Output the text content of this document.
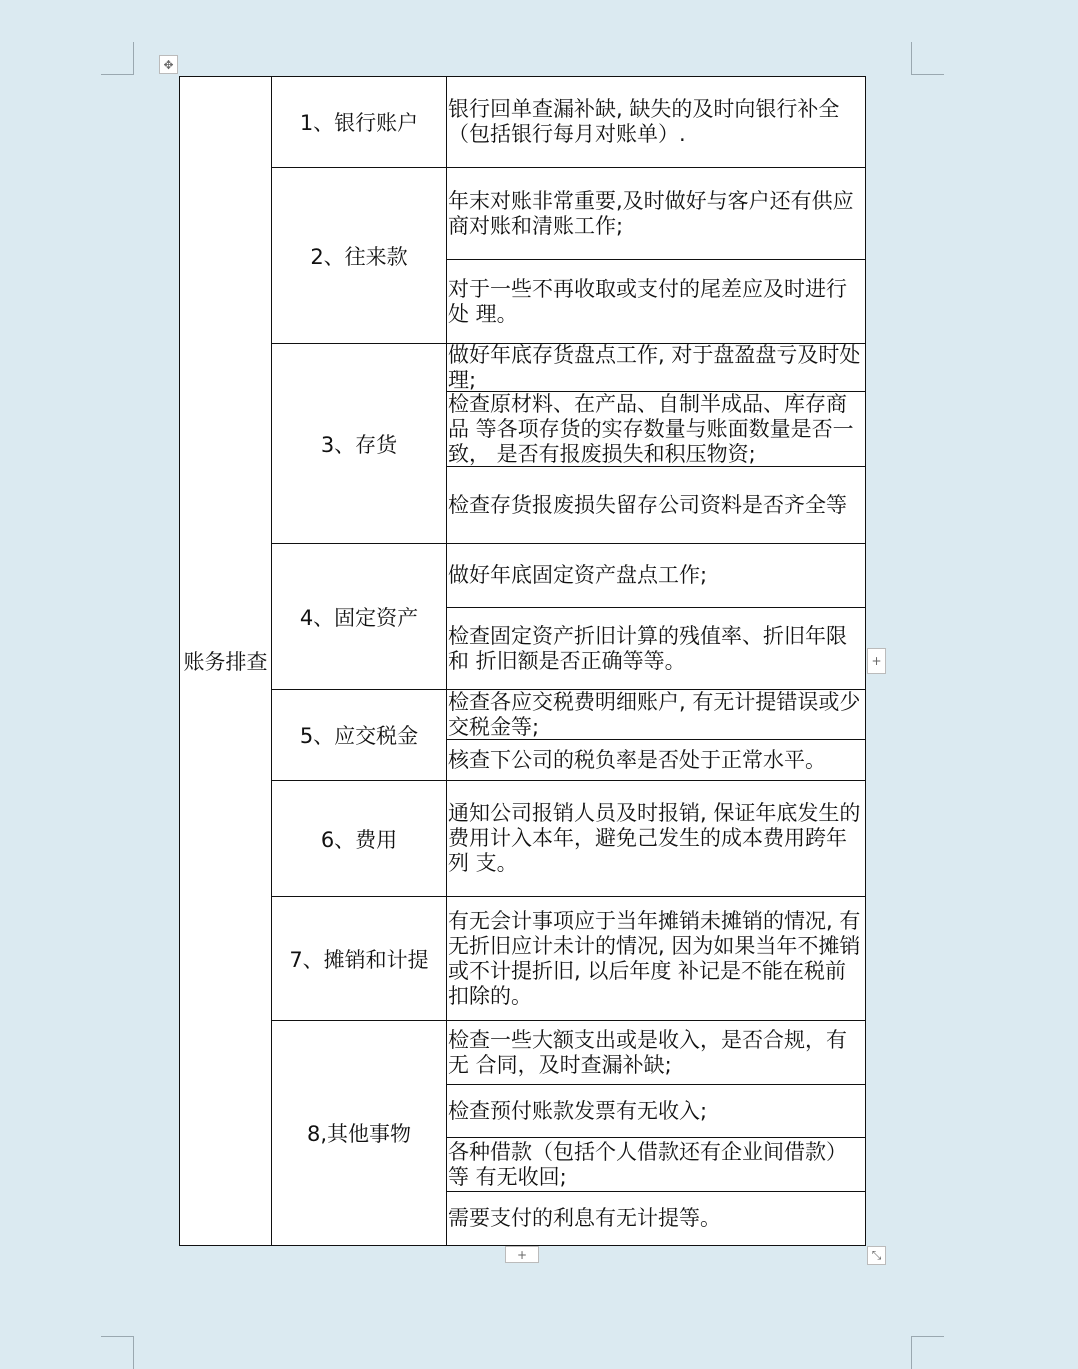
✥
+
+	⤡
账务排查
1、银行账户
银行回单查漏补缺, 缺失的及时向银行补全（包括银行每月对账单）.
2、往来款
年末对账非常重要,及时做好与客户还有供应 商对账和清账工作;
对于一些不再收取或支付的尾差应及时进行处 理。
3、存货
做好年底存货盘点工作, 对于盘盈盘亏及时处 理;
检查原材料、在产品、自制半成品、库存商品 等各项存货的实存数量与账面数量是否一致， 是否有报废损失和积压物资;
检查存货报废损失留存公司资料是否齐全等
4、固定资产
做好年底固定资产盘点工作;
检查固定资产折旧计算的残值率、折旧年限和 折旧额是否正确等等。
5、应交税金
检查各应交税费明细账户, 有无计提错误或少 交税金等;
核查下公司的税负率是否处于正常水平。
6、费用
通知公司报销人员及时报销, 保证年底发生的 费用计入本年，避免己发生的成本费用跨年列 支。
7、摊销和计提
有无会计事项应于当年摊销未摊销的情况, 有 无折旧应计未计的情况, 因为如果当年不摊销或不计提折旧, 以后年度 补记是不能在税前扣除的。
8,其他事物
检查一些大额支出或是收入，是否合规，有无 合同，及时查漏补缺;
检查预付账款发票有无收入;
各种借款（包括个人借款还有企业间借款）等 有无收回;
需要支付的利息有无计提等。
